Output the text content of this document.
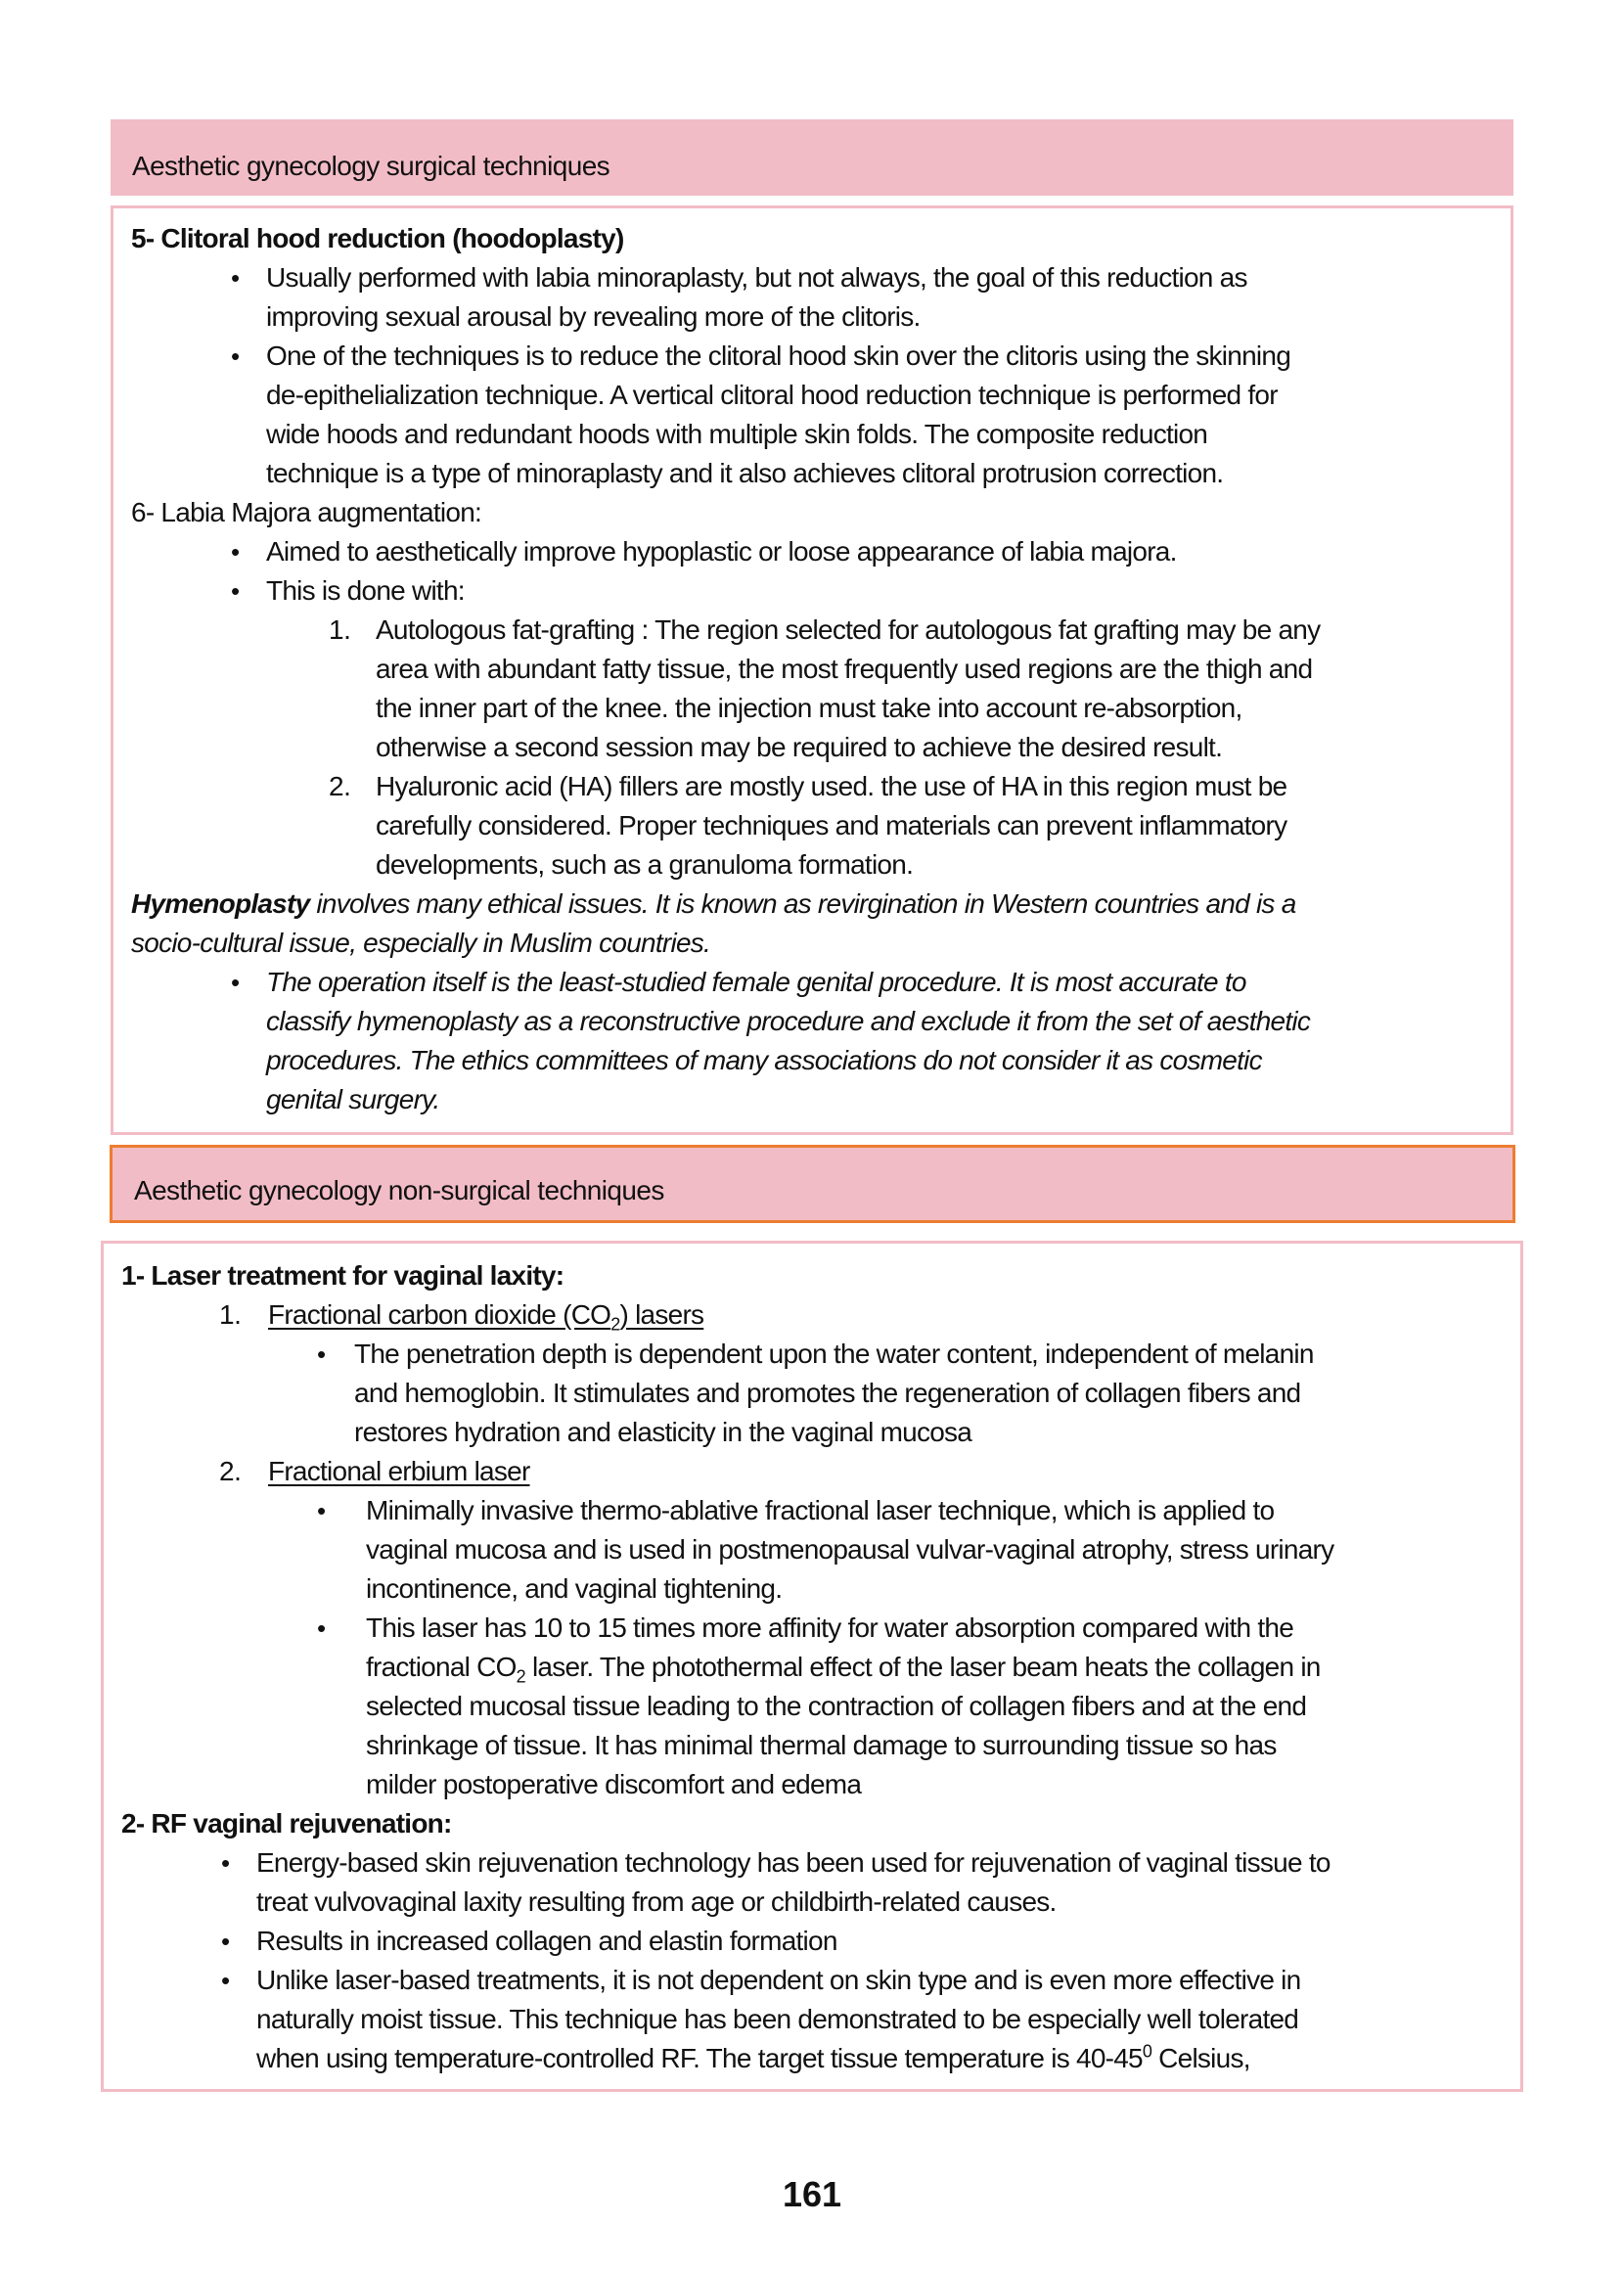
Aesthetic gynecology surgical techniques
5- Clitoral hood reduction (hoodoplasty)
• Usually performed with labia minoraplasty, but not always, the goal of this reduction as
improving sexual arousal by revealing more of the clitoris.
• One of the techniques is to reduce the clitoral hood skin over the clitoris using the skinning
de-epithelialization technique. A vertical clitoral hood reduction technique is performed for
wide hoods and redundant hoods with multiple skin folds. The composite reduction
technique is a type of minoraplasty and it also achieves clitoral protrusion correction.
6- Labia Majora augmentation:
• Aimed to aesthetically improve hypoplastic or loose appearance of labia majora.
• This is done with:
1. Autologous fat-grafting : The region selected for autologous fat grafting may be any
area with abundant fatty tissue, the most frequently used regions are the thigh and
the inner part of the knee. the injection must take into account re-absorption,
otherwise a second session may be required to achieve the desired result.
2. Hyaluronic acid (HA) fillers are mostly used. the use of HA in this region must be
carefully considered. Proper techniques and materials can prevent inflammatory
developments, such as a granuloma formation.
Hymenoplasty involves many ethical issues. It is known as revirgination in Western countries and is a
socio-cultural issue, especially in Muslim countries.
• The operation itself is the least-studied female genital procedure. It is most accurate to
classify hymenoplasty as a reconstructive procedure and exclude it from the set of aesthetic
procedures. The ethics committees of many associations do not consider it as cosmetic
genital surgery.
Aesthetic gynecology non-surgical techniques
1- Laser treatment for vaginal laxity:
1. Fractional carbon dioxide $(CO_2)$ lasers
• The penetration depth is dependent upon the water content, independent of melanin
and hemoglobin. It stimulates and promotes the regeneration of collagen fibers and
restores hydration and elasticity in the vaginal mucosa
2. Fractional erbium laser
• Minimally invasive thermo-ablative fractional laser technique, which is applied to
vaginal mucosa and is used in postmenopausal vulvar-vaginal atrophy, stress urinary
incontinence, and vaginal tightening.
• This laser has 10 to 15 times more affinity for water absorption compared with the
fractional $CO_2$ laser. The photothermal effect of the laser beam heats the collagen in
selected mucosal tissue leading to the contraction of collagen fibers and at the end
shrinkage of tissue. It has minimal thermal damage to surrounding tissue so has
milder postoperative discomfort and edema
2- RF vaginal rejuvenation:
• Energy-based skin rejuvenation technology has been used for rejuvenation of vaginal tissue to
treat vulvovaginal laxity resulting from age or childbirth-related causes.
• Results in increased collagen and elastin formation
• Unlike laser-based treatments, it is not dependent on skin type and is even more effective in
naturally moist tissue. This technique has been demonstrated to be especially well tolerated
when using temperature-controlled RF. The target tissue temperature is $40-45^0$ Celsius,
161
